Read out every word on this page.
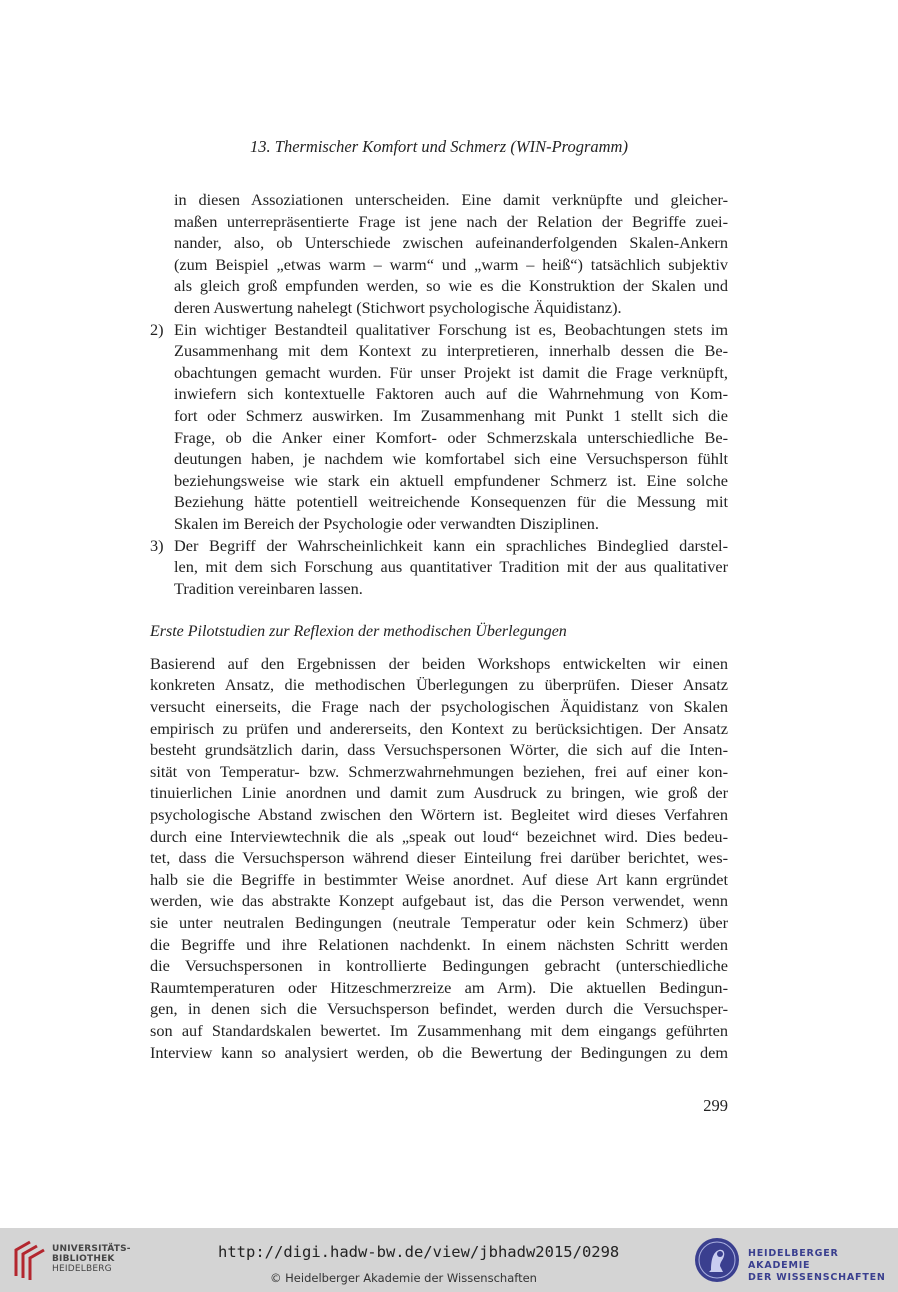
13. Thermischer Komfort und Schmerz (WIN-Programm)
in diesen Assoziationen unterscheiden. Eine damit verknüpfte und gleicher-
maßen unterrepräsentierte Frage ist jene nach der Relation der Begriffe zuei-
nander, also, ob Unterschiede zwischen aufeinanderfolgenden Skalen-Ankern
(zum Beispiel „etwas warm – warm“ und „warm – heiß“) tatsächlich subjektiv
als gleich groß empfunden werden, so wie es die Konstruktion der Skalen und
deren Auswertung nahelegt (Stichwort psychologische Äquidistanz).
2) Ein wichtiger Bestandteil qualitativer Forschung ist es, Beobachtungen stets im
Zusammenhang mit dem Kontext zu interpretieren, innerhalb dessen die Be-
obachtungen gemacht wurden. Für unser Projekt ist damit die Frage verknüpft,
inwiefern sich kontextuelle Faktoren auch auf die Wahrnehmung von Kom-
fort oder Schmerz auswirken. Im Zusammenhang mit Punkt 1 stellt sich die
Frage, ob die Anker einer Komfort- oder Schmerzskala unterschiedliche Be-
deutungen haben, je nachdem wie komfortabel sich eine Versuchsperson fühlt
beziehungsweise wie stark ein aktuell empfundener Schmerz ist. Eine solche
Beziehung hätte potentiell weitreichende Konsequenzen für die Messung mit
Skalen im Bereich der Psychologie oder verwandten Disziplinen.
3) Der Begriff der Wahrscheinlichkeit kann ein sprachliches Bindeglied darstel-
len, mit dem sich Forschung aus quantitativer Tradition mit der aus qualitativer
Tradition vereinbaren lassen.
Erste Pilotstudien zur Reflexion der methodischen Überlegungen
Basierend auf den Ergebnissen der beiden Workshops entwickelten wir einen
konkreten Ansatz, die methodischen Überlegungen zu überprüfen. Dieser Ansatz
versucht einerseits, die Frage nach der psychologischen Äquidistanz von Skalen
empirisch zu prüfen und andererseits, den Kontext zu berücksichtigen. Der Ansatz
besteht grundsätzlich darin, dass Versuchspersonen Wörter, die sich auf die Inten-
sität von Temperatur- bzw. Schmerzwahrnehmungen beziehen, frei auf einer kon-
tinuierlichen Linie anordnen und damit zum Ausdruck zu bringen, wie groß der
psychologische Abstand zwischen den Wörtern ist. Begleitet wird dieses Verfahren
durch eine Interviewtechnik die als „speak out loud“ bezeichnet wird. Dies bedeu-
tet, dass die Versuchsperson während dieser Einteilung frei darüber berichtet, wes-
halb sie die Begriffe in bestimmter Weise anordnet. Auf diese Art kann ergründet
werden, wie das abstrakte Konzept aufgebaut ist, das die Person verwendet, wenn
sie unter neutralen Bedingungen (neutrale Temperatur oder kein Schmerz) über
die Begriffe und ihre Relationen nachdenkt. In einem nächsten Schritt werden
die Versuchspersonen in kontrollierte Bedingungen gebracht (unterschiedliche
Raumtemperaturen oder Hitzeschmerzreize am Arm). Die aktuellen Bedingun-
gen, in denen sich die Versuchsperson befindet, werden durch die Versuchsper-
son auf Standardskalen bewertet. Im Zusammenhang mit dem eingangs geführten
Interview kann so analysiert werden, ob die Bewertung der Bedingungen zu dem
299
UNIVERSITÄTS-
BIBLIOTHEK
HEIDELBERG
http://digi.hadw-bw.de/view/jbhadw2015/0298
© Heidelberger Akademie der Wissenschaften
HEIDELBERGER AKADEMIE
DER WISSENSCHAFTEN
